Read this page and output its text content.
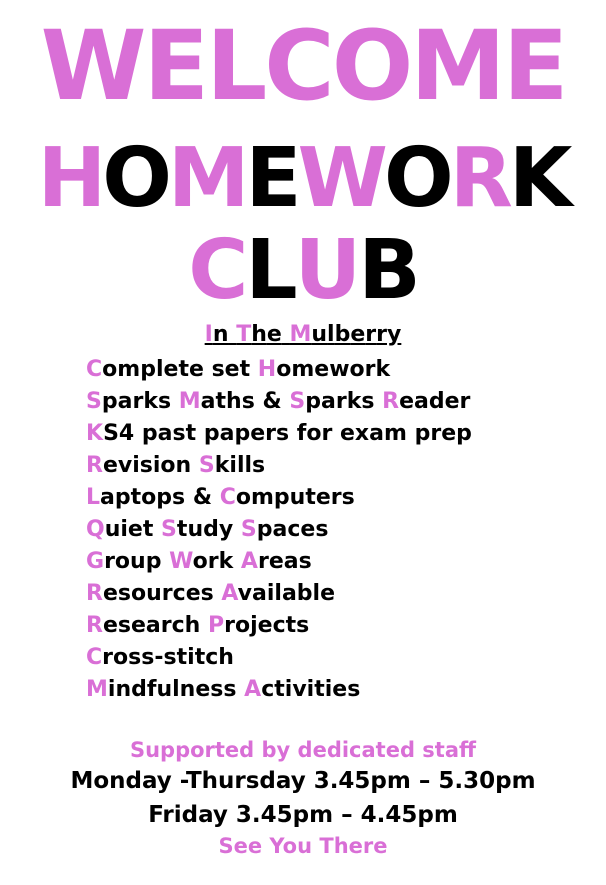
WELCOME
HOMEWORK
CLUB
In The Mulberry
Complete set Homework
Sparks Maths & Sparks Reader
KS4 past papers for exam prep
Revision Skills
Laptops & Computers
Quiet Study Spaces
Group Work Areas
Resources Available
Research Projects
Cross-stitch
Mindfulness Activities
Supported by dedicated staff
Monday -Thursday 3.45pm – 5.30pm
Friday 3.45pm – 4.45pm
See You There
